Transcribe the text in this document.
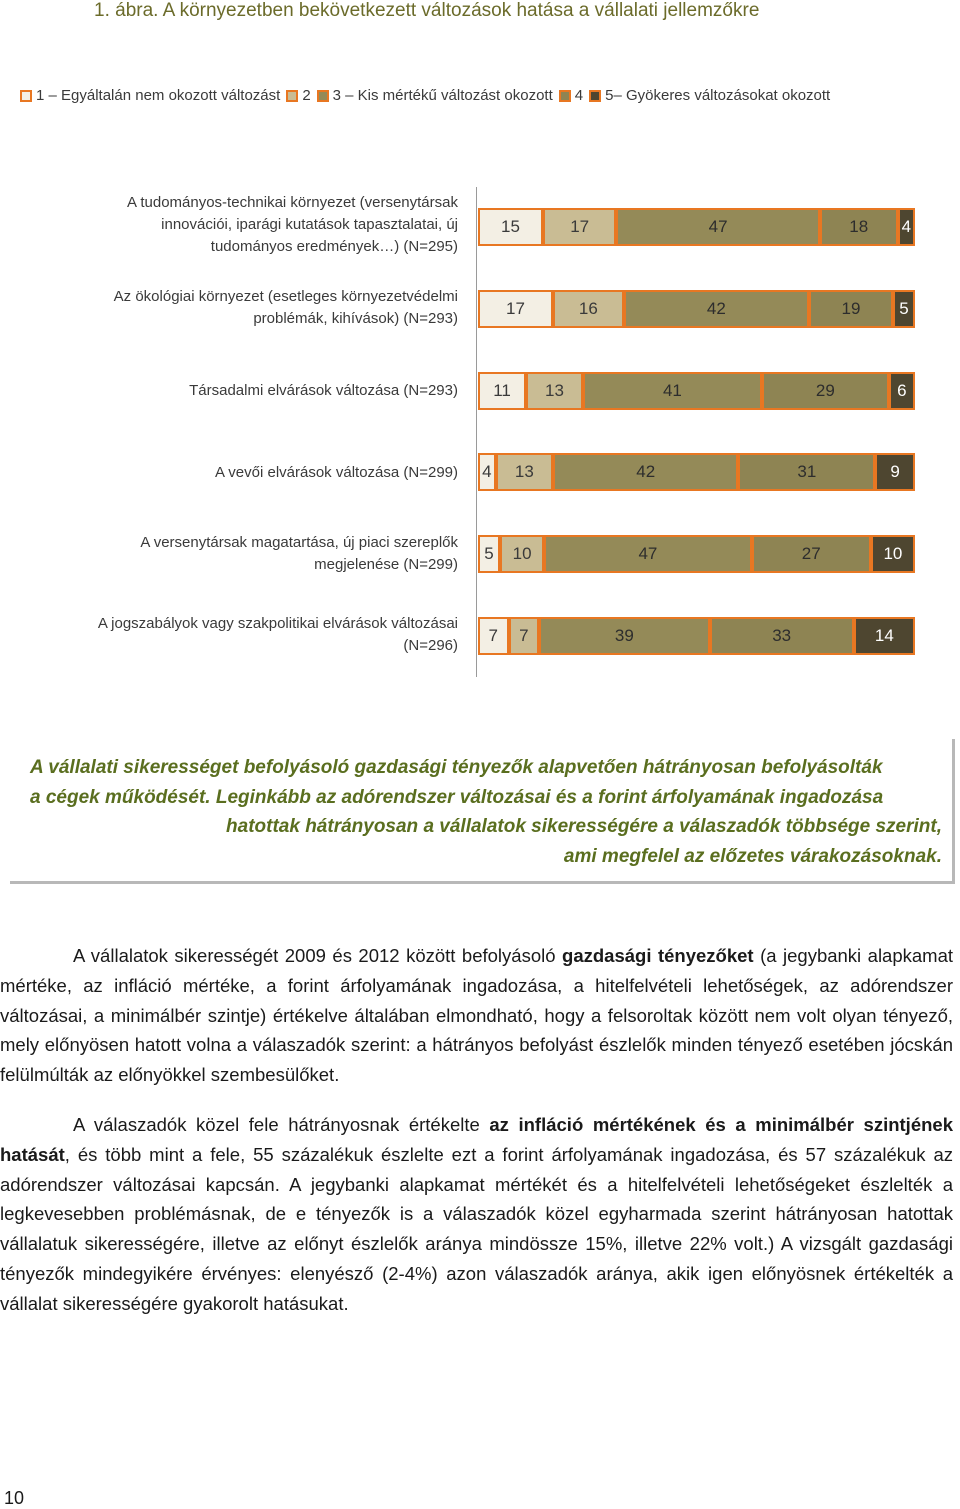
1. ábra. A környezetben bekövetkezett változások hatása a vállalati jellemzőkre
1 – Egyáltalán nem okozott változást 2 3 – Kis mértékű változást okozott 4 5– Gyökeres változásokat okozott
A tudományos-technikai környezet (versenytársak
innovációi, iparági kutatások tapasztalatai, új
tudományos eredmények…) (N=295)
15	17	47	18 4
Az ökológiai környezet (esetleges környezetvédelmi
problémák, kihívások) (N=293)
17	16	42	19 5
Társadalmi elvárások változása (N=293) 11 13	41	29	6
A vevői elvárások változása (N=299) 4 13	42	31	9
A versenytársak magatartása, új piaci szereplők
megjelenése (N=299)
5 10	47	27	10
A jogszabályok vagy szakpolitikai elvárások változásai
(N=296)
7 7	39	33	14

A vállalati sikerességet befolyásoló gazdasági tényezők alapvetően hátrányosan befolyásolták
a cégek működését. Leginkább az adórendszer változásai és a forint árfolyamának ingadozása
hatottak hátrányosan a vállalatok sikerességére a válaszadók többsége szerint,
ami megfelel az előzetes várakozásoknak.

A vállalatok sikerességét 2009 és 2012 között befolyásoló gazdasági tényezőket (a jegybanki alapkamat mértéke, az infláció mértéke, a forint árfolyamának ingadozása, a hitelfelvételi lehetőségek, az adórendszer változásai, a minimálbér szintje) értékelve általában elmondható, hogy a felsoroltak között nem volt olyan tényező, mely előnyösen hatott volna a válaszadók szerint: a hátrányos befolyást észlelők minden tényező esetében jócskán felülmúlták az előnyökkel szembesülőket.

A válaszadók közel fele hátrányosnak értékelte az infláció mértékének és a minimálbér szintjének hatását, és több mint a fele, 55 százalékuk észlelte ezt a forint árfolyamának ingadozása, és 57 százalékuk az adórendszer változásai kapcsán. A jegybanki alapkamat mértékét és a hitelfelvételi lehetőségeket észlelték a legkevesebben problémásnak, de e tényezők is a válaszadók közel egyharmada szerint hátrányosan hatottak vállalatuk sikerességére, illetve az előnyt észlelők aránya mindössze 15%, illetve 22% volt.) A vizsgált gazdasági tényezők mindegyikére érvényes: elenyésző (2-4%) azon válaszadók aránya, akik igen előnyösnek értékelték a vállalat sikerességére gyakorolt hatásukat.

10
